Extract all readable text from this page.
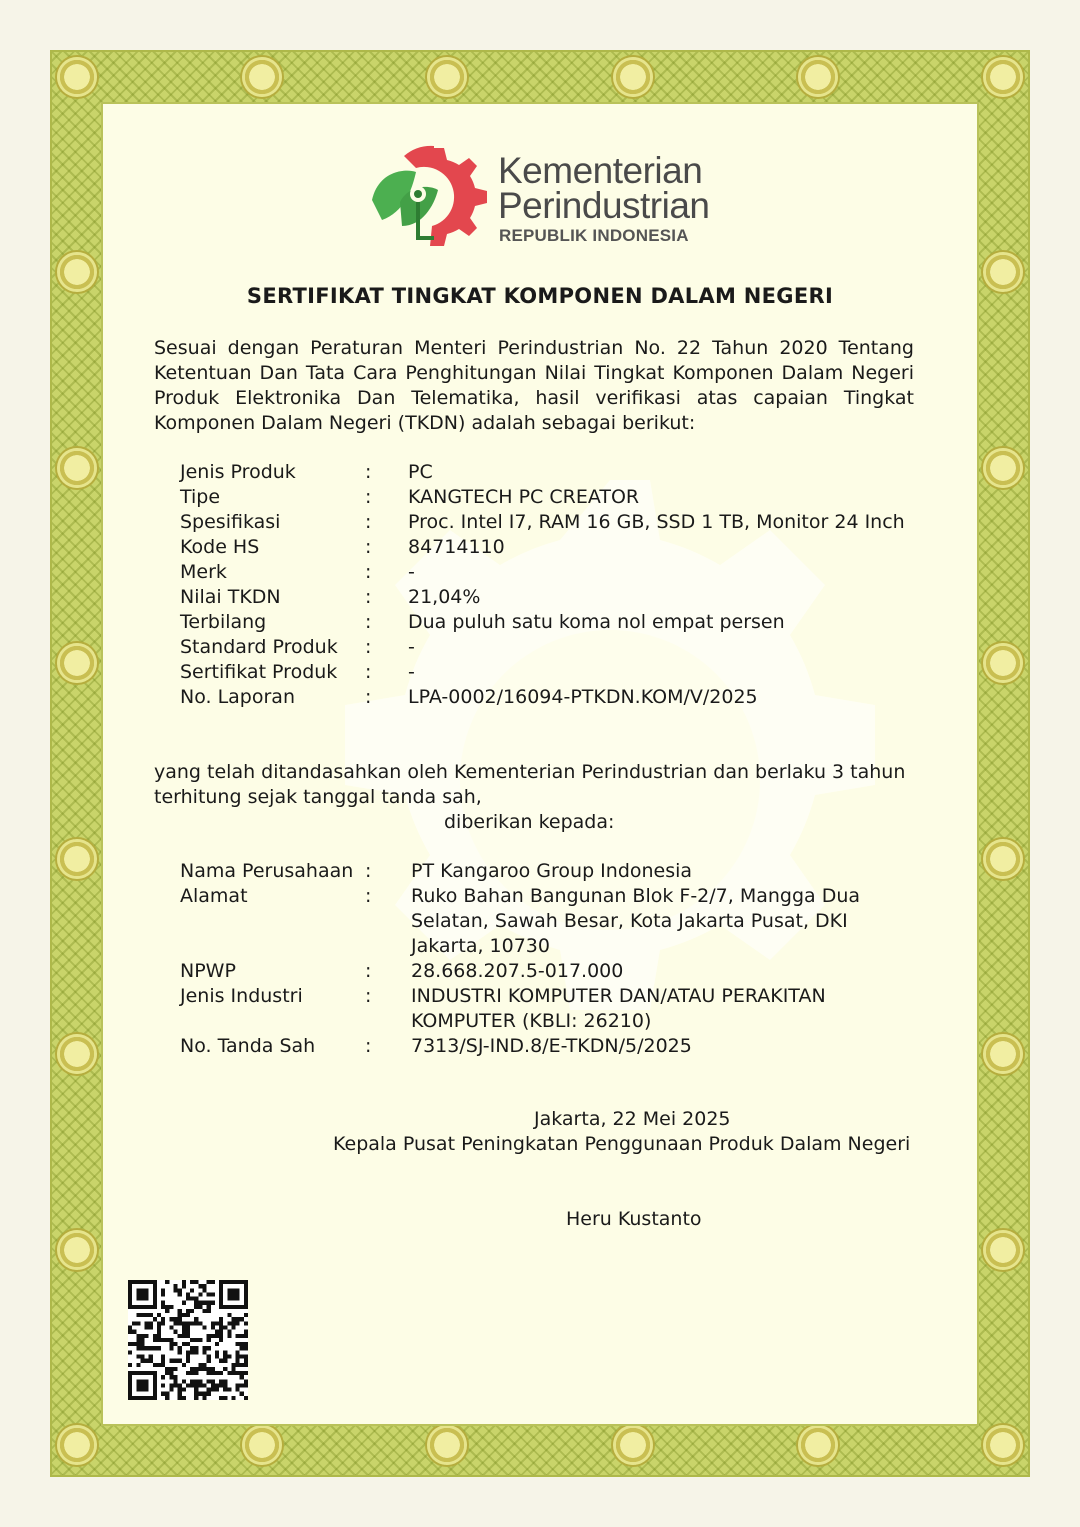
Kementerian
Perindustrian
REPUBLIK INDONESIA
SERTIFIKAT TINGKAT KOMPONEN DALAM NEGERI
Sesuai dengan Peraturan Menteri Perindustrian No. 22 Tahun 2020 Tentang Ketentuan Dan Tata Cara Penghitungan Nilai Tingkat Komponen Dalam Negeri Produk Elektronika Dan Telematika, hasil verifikasi atas capaian Tingkat Komponen Dalam Negeri (TKDN) adalah sebagai berikut:
Jenis Produk	:	PC
Tipe	:	KANGTECH PC CREATOR
Spesifikasi	:	Proc. Intel I7, RAM 16 GB, SSD 1 TB, Monitor 24 Inch
Kode HS	:	84714110
Merk	:	-
Nilai TKDN	:	21,04%
Terbilang	:	Dua puluh satu koma nol empat persen
Standard Produk	:	-
Sertifikat Produk	:	-
No. Laporan	:	LPA-0002/16094-PTKDN.KOM/V/2025
yang telah ditandasahkan oleh Kementerian Perindustrian dan berlaku 3 tahun terhitung sejak tanggal tanda sah,
diberikan kepada:
Nama Perusahaan :	PT Kangaroo Group Indonesia
Alamat	:	Ruko Bahan Bangunan Blok F-2/7, Mangga Dua Selatan, Sawah Besar, Kota Jakarta Pusat, DKI Jakarta, 10730
NPWP	:	28.668.207.5-017.000
Jenis Industri	:	INDUSTRI KOMPUTER DAN/ATAU PERAKITAN KOMPUTER (KBLI: 26210)
No. Tanda Sah	:	7313/SJ-IND.8/E-TKDN/5/2025
Jakarta, 22 Mei 2025
Kepala Pusat Peningkatan Penggunaan Produk Dalam Negeri
Heru Kustanto
